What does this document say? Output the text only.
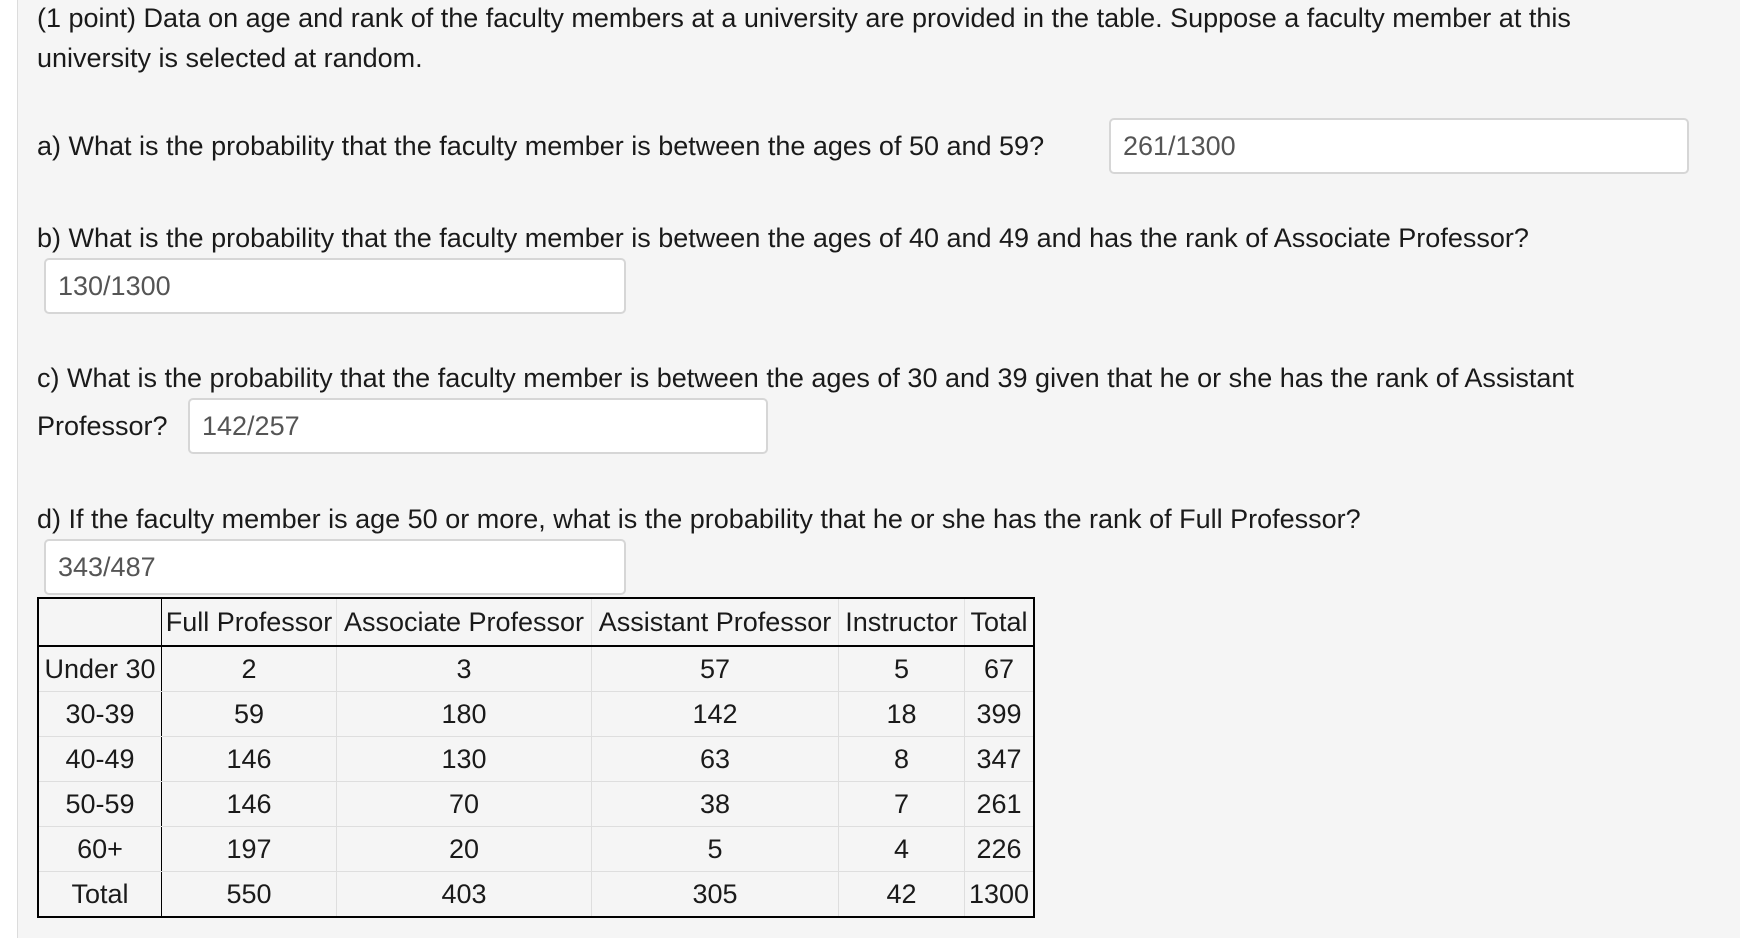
(1 point) Data on age and rank of the faculty members at a university are provided in the table. Suppose a faculty member at this
university is selected at random.
a) What is the probability that the faculty member is between the ages of 50 and 59?
261/1300
b) What is the probability that the faculty member is between the ages of 40 and 49 and has the rank of Associate Professor?
130/1300
c) What is the probability that the faculty member is between the ages of 30 and 39 given that he or she has the rank of Assistant
Professor?
142/257
d) If the faculty member is age 50 or more, what is the probability that he or she has the rank of Full Professor?
343/487
	Full Professor	Associate Professor	Assistant Professor	Instructor	Total
Under 30	2	3	57	5	67
30-39	59	180	142	18	399
40-49	146	130	63	8	347
50-59	146	70	38	7	261
60+	197	20	5	4	226
Total	550	403	305	42	1300
